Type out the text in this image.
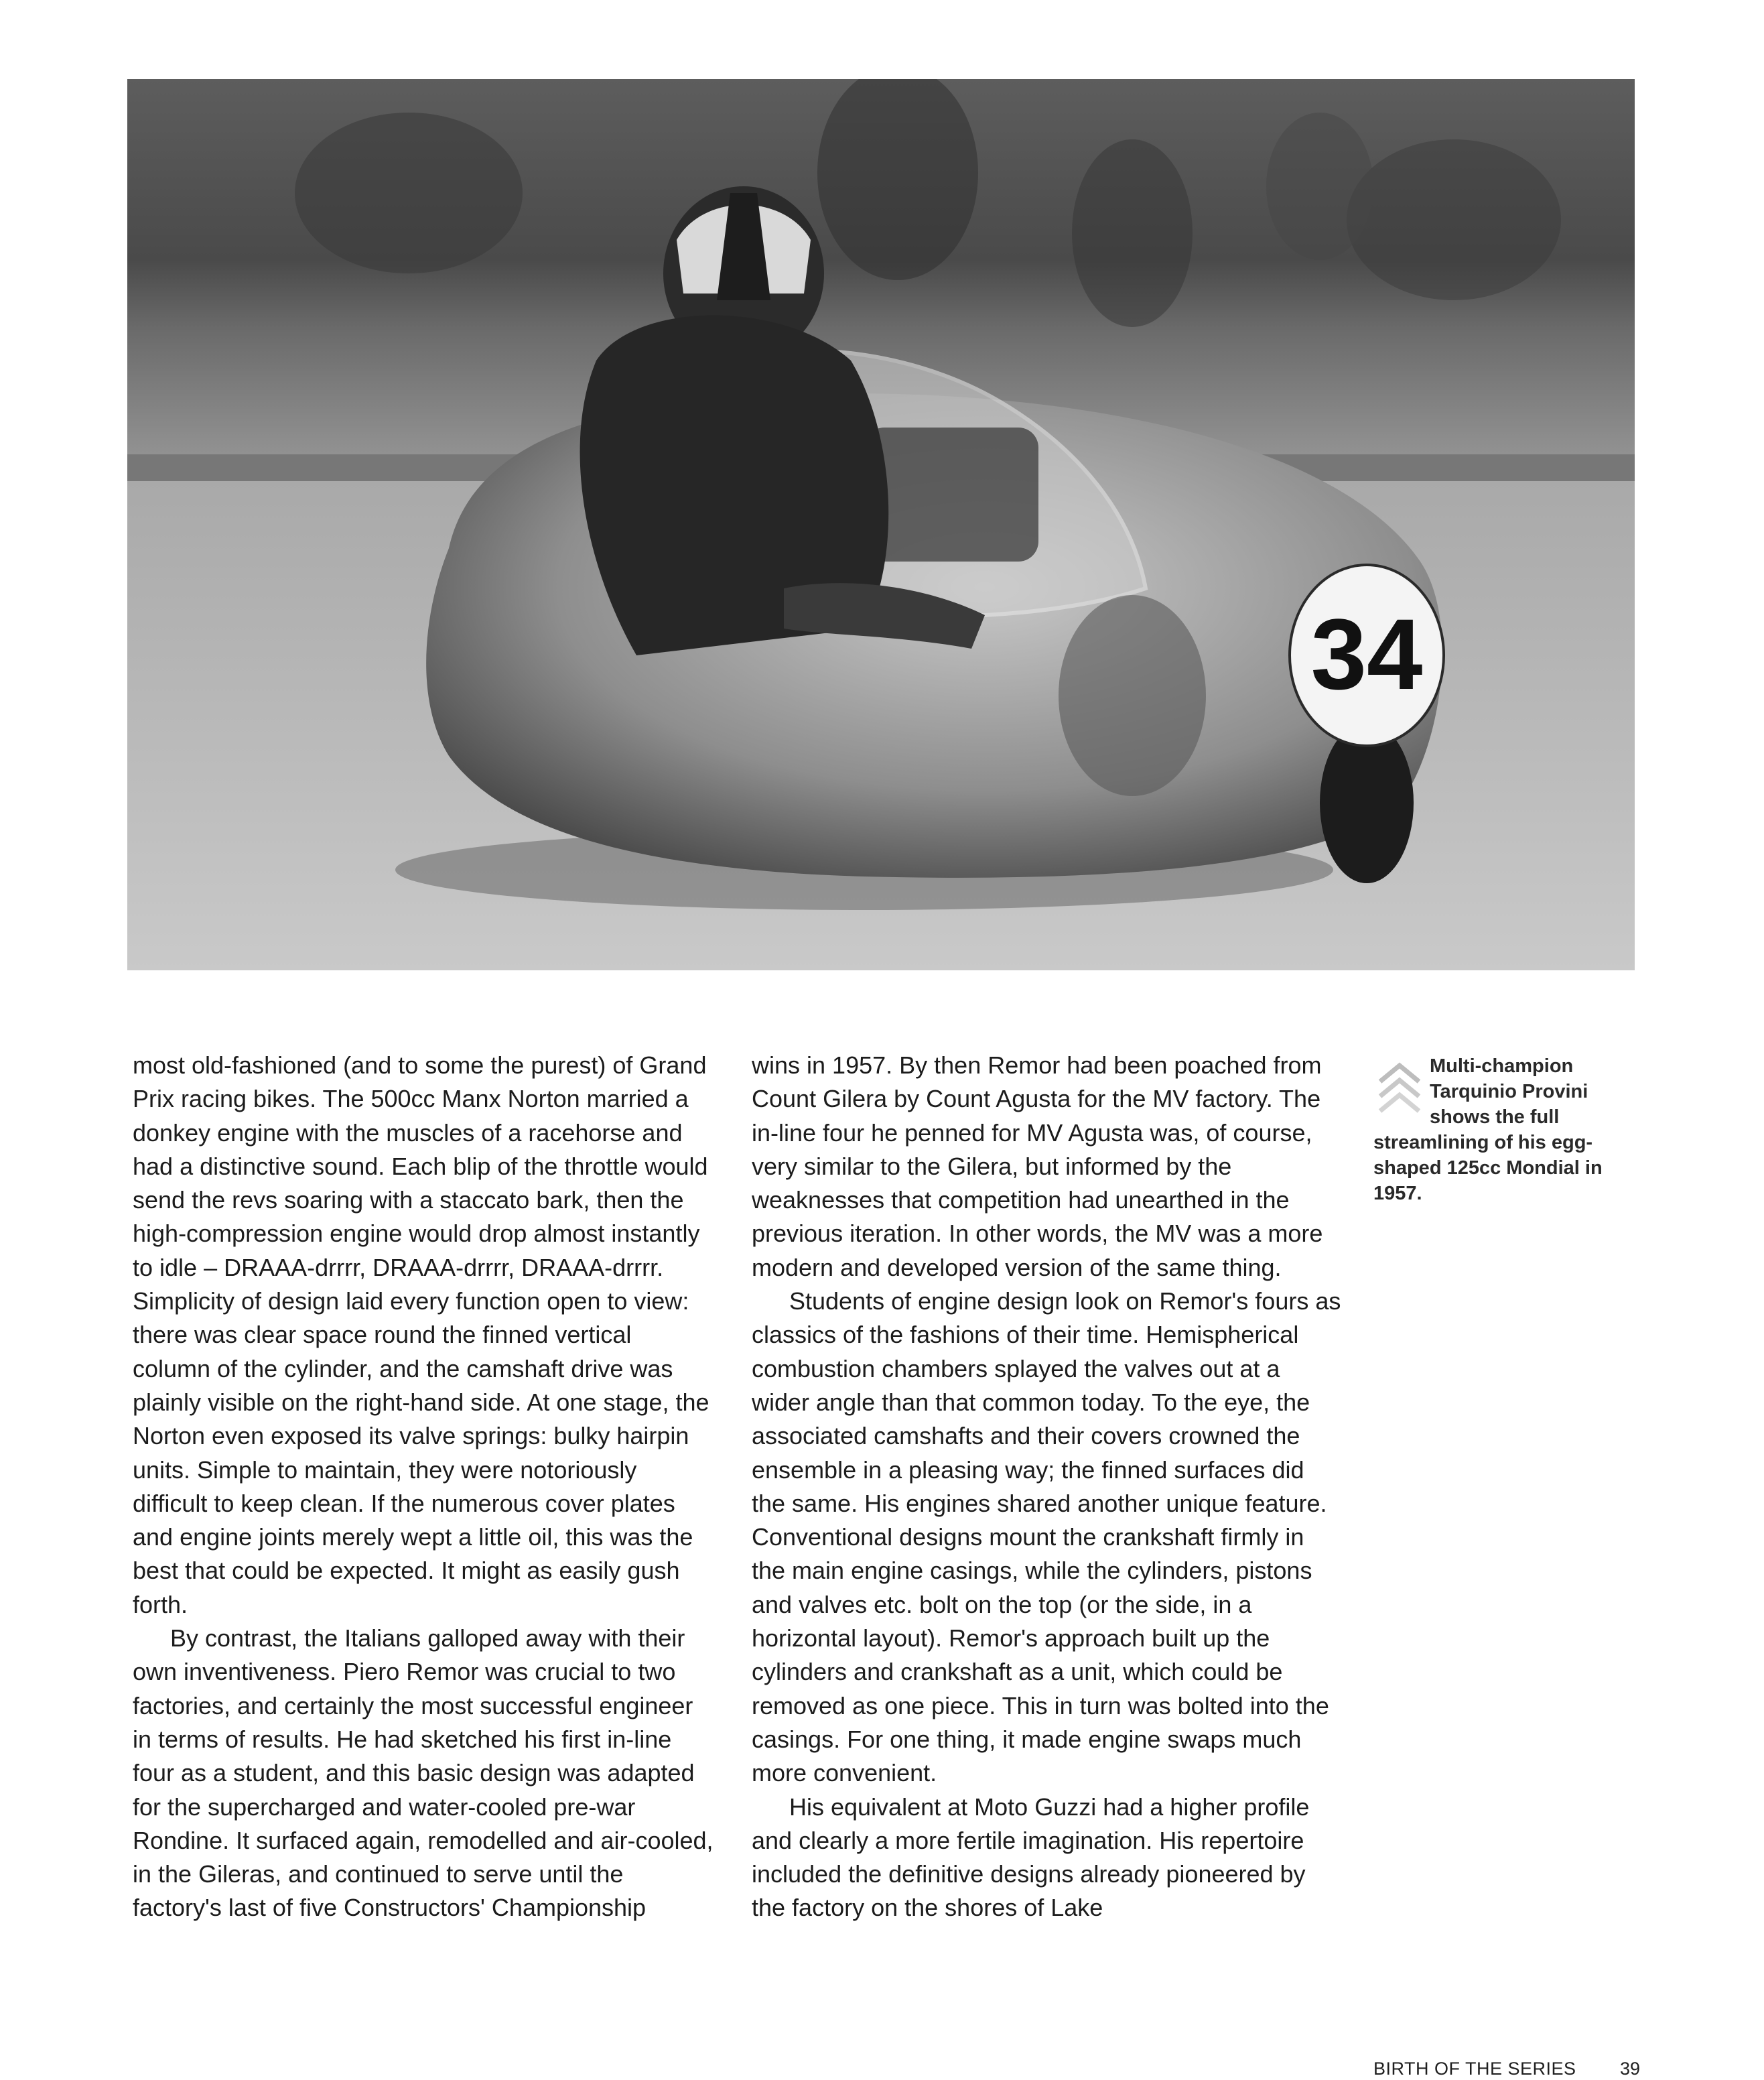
34

most old-fashioned (and to some the purest) of Grand Prix racing bikes. The 500cc Manx Norton married a donkey engine with the muscles of a racehorse and had a distinctive sound. Each blip of the throttle would send the revs soaring with a staccato bark, then the high-compression engine would drop almost instantly to idle – DRAAA-drrrr, DRAAA-drrrr, DRAAA-drrrr. Simplicity of design laid every function open to view: there was clear space round the finned vertical column of the cylinder, and the camshaft drive was plainly visible on the right-hand side. At one stage, the Norton even exposed its valve springs: bulky hairpin units. Simple to maintain, they were notoriously difficult to keep clean. If the numerous cover plates and engine joints merely wept a little oil, this was the best that could be expected. It might as easily gush forth.

By contrast, the Italians galloped away with their own inventiveness. Piero Remor was crucial to two factories, and certainly the most successful engineer in terms of results. He had sketched his first in-line four as a student, and this basic design was adapted for the supercharged and water-cooled pre-war Rondine. It surfaced again, remodelled and air-cooled, in the Gileras, and continued to serve until the factory's last of five Constructors' Championship

wins in 1957. By then Remor had been poached from Count Gilera by Count Agusta for the MV factory. The in-line four he penned for MV Agusta was, of course, very similar to the Gilera, but informed by the weaknesses that competition had unearthed in the previous iteration. In other words, the MV was a more modern and developed version of the same thing.

Students of engine design look on Remor's fours as classics of the fashions of their time. Hemispherical combustion chambers splayed the valves out at a wider angle than that common today. To the eye, the associated camshafts and their covers crowned the ensemble in a pleasing way; the finned surfaces did the same. His engines shared another unique feature. Conventional designs mount the crankshaft firmly in the main engine casings, while the cylinders, pistons and valves etc. bolt on the top (or the side, in a horizontal layout). Remor's approach built up the cylinders and crankshaft as a unit, which could be removed as one piece. This in turn was bolted into the casings. For one thing, it made engine swaps much more convenient.

His equivalent at Moto Guzzi had a higher profile and clearly a more fertile imagination. His repertoire included the definitive designs already pioneered by the factory on the shores of Lake

Multi-champion Tarquinio Provini shows the full streamlining of his egg-shaped 125cc Mondial in 1957.
BIRTH OF THE SERIES 39
